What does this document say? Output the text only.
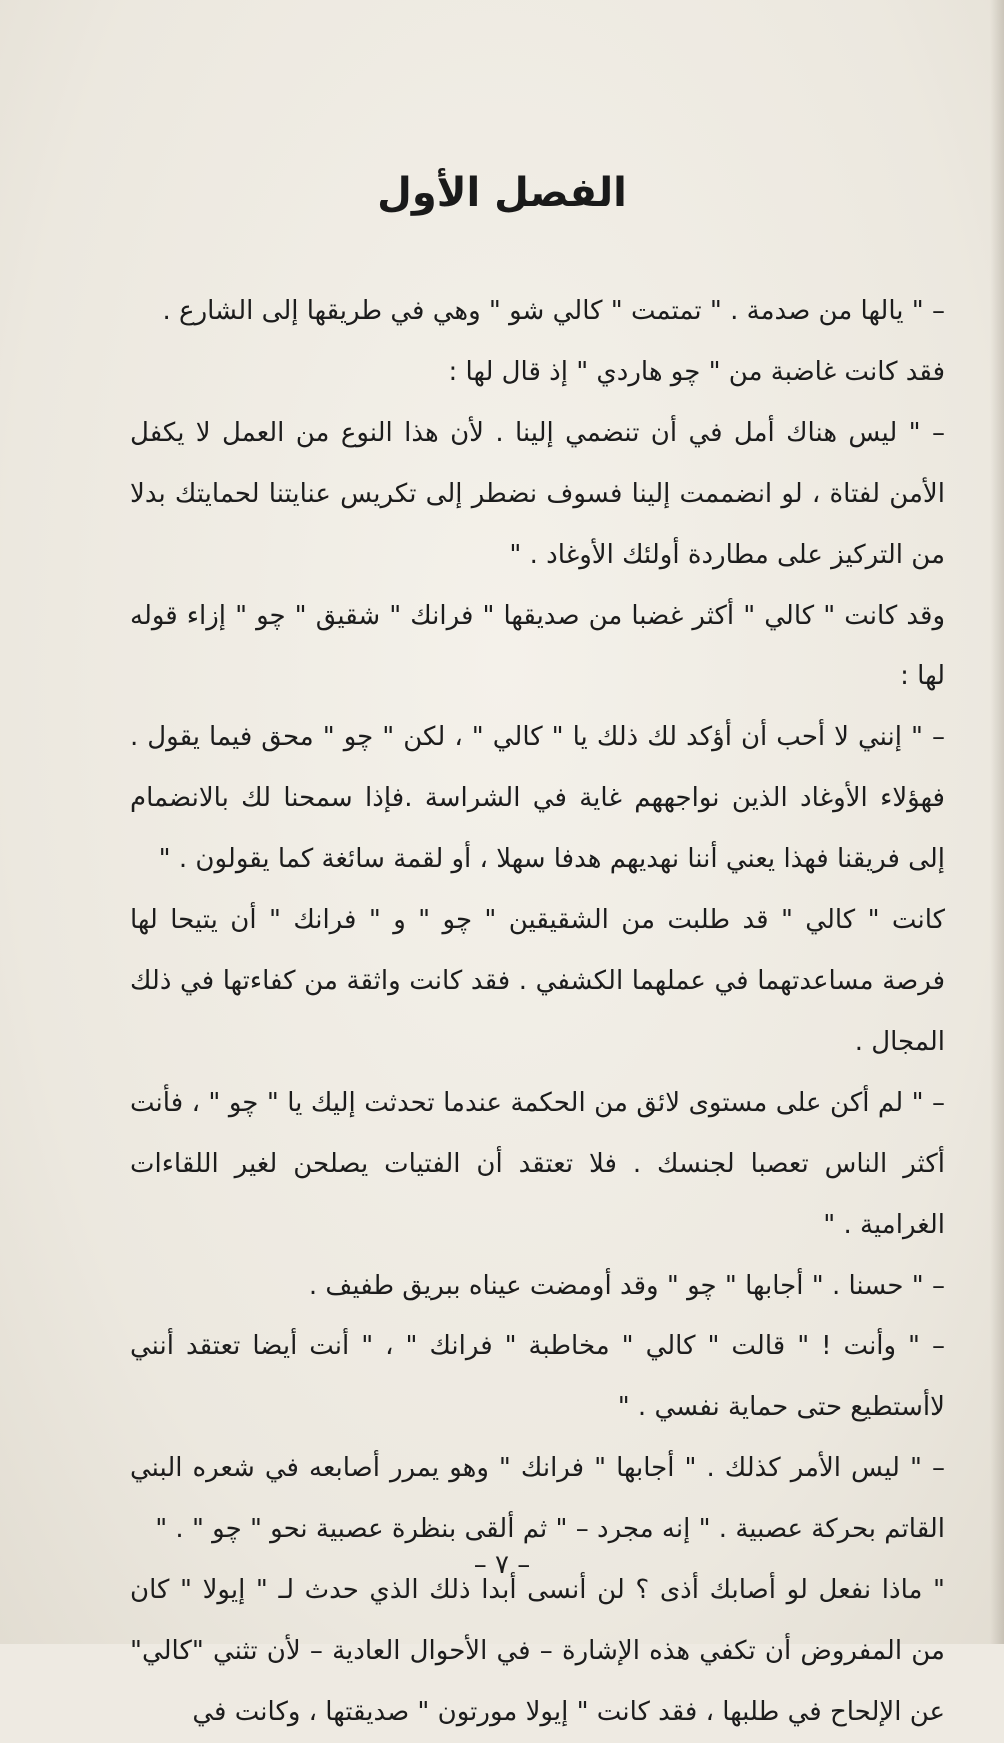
الفصل الأول

– " يالها من صدمة . " تمتمت " كالي شو " وهي في طريقها إلى الشارع .

فقد كانت غاضبة من " چو هاردي " إذ قال لها :

– " ليس هناك أمل في أن تنضمي إلينا . لأن هذا النوع من العمل لا يكفل الأمن لفتاة ، لو انضممت إلينا فسوف نضطر إلى تكريس عنايتنا لحمايتك بدلا من التركيز على مطاردة أولئك الأوغاد . "

وقد كانت " كالي " أكثر غضبا من صديقها " فرانك " شقيق " چو " إزاء قوله لها :

– " إنني لا أحب أن أؤكد لك ذلك يا " كالي " ، لكن " چو " محق فيما يقول . فهؤلاء الأوغاد الذين نواجههم غاية في الشراسة .فإذا سمحنا لك بالانضمام إلى فريقنا فهذا يعني أننا نهديهم هدفا سهلا ، أو لقمة سائغة كما يقولون . "

كانت " كالي " قد طلبت من الشقيقين " چو " و " فرانك " أن يتيحا لها فرصة مساعدتهما في عملهما الكشفي . فقد كانت واثقة من كفاءتها في ذلك المجال .

– " لم أكن على مستوى لائق من الحكمة عندما تحدثت إليك يا " چو " ، فأنت أكثر الناس تعصبا لجنسك . فلا تعتقد أن الفتيات يصلحن لغير اللقاءات الغرامية . "

– " حسنا . " أجابها " چو " وقد أومضت عيناه ببريق طفيف .

– " وأنت ! " قالت " كالي " مخاطبة " فرانك " ، " أنت أيضا تعتقد أنني لاأستطيع حتى حماية نفسي . "

– " ليس الأمر كذلك . " أجابها " فرانك " وهو يمرر أصابعه في شعره البني القاتم بحركة عصبية . " إنه مجرد – " ثم ألقى بنظرة عصبية نحو " چو " . "

" ماذا نفعل لو أصابك أذى ؟ لن أنسى أبدا ذلك الذي حدث لـ " إيولا " كان من المفروض أن تكفي هذه الإشارة – في الأحوال العادية – لأن تثني "كالي" عن الإلحاح في طلبها ، فقد كانت " إيولا مورتون " صديقتها ، وكانت في

– ٧ –
